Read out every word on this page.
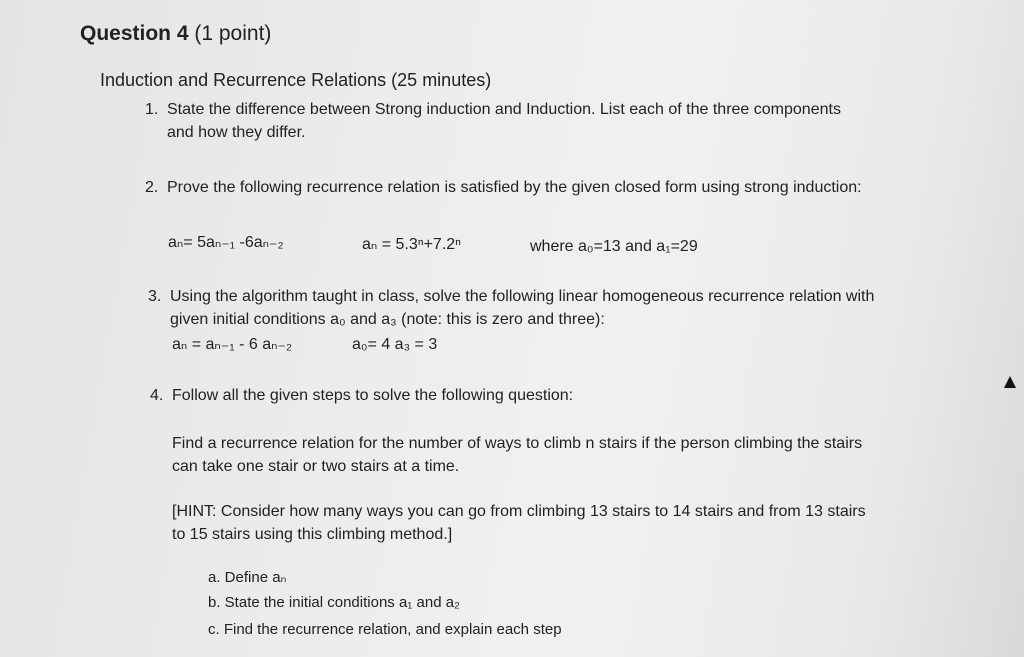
Question 4 (1 point)
Induction and Recurrence Relations (25 minutes)
1. State the difference between Strong induction and Induction. List each of the three components and how they differ.
2. Prove the following recurrence relation is satisfied by the given closed form using strong induction:
aₙ= 5aₙ₋₁ -6aₙ₋₂	aₙ = 5.3ⁿ+7.2ⁿ	where a₀=13 and a₁=29
3. Using the algorithm taught in class, solve the following linear homogeneous recurrence relation with given initial conditions a₀ and a₃ (note: this is zero and three):
aₙ = aₙ₋₁ - 6 aₙ₋₂	a₀= 4 a₃ = 3
4. Follow all the given steps to solve the following question:
Find a recurrence relation for the number of ways to climb n stairs if the person climbing the stairs can take one stair or two stairs at a time.
[HINT: Consider how many ways you can go from climbing 13 stairs to 14 stairs and from 13 stairs to 15 stairs using this climbing method.]
a. Define aₙ
b. State the initial conditions a₁ and a₂
c. Find the recurrence relation, and explain each step
